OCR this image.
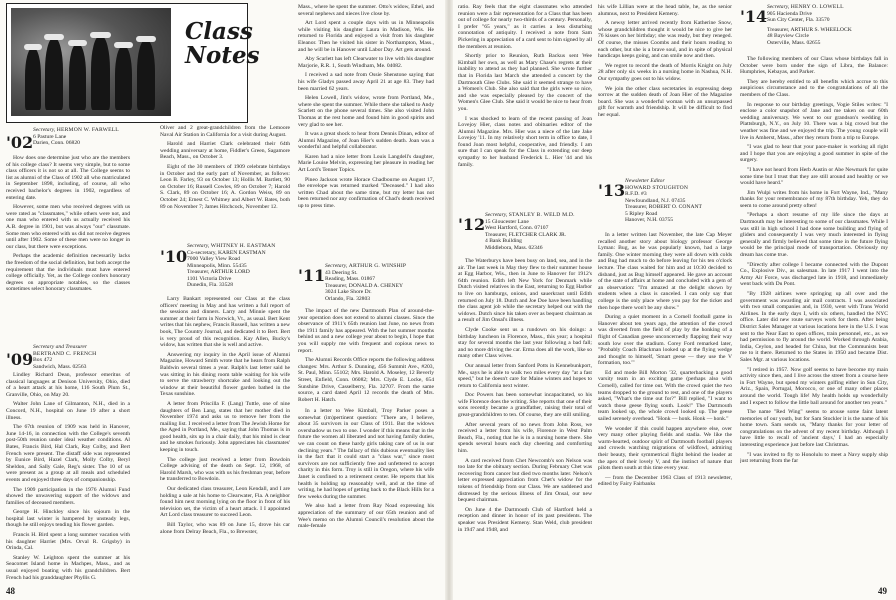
Class
Notes
'02
Secretary, HERMON W. FARWELL
6 Pasture Lane
Darien, Conn. 06820

How does one determine just who are the members of his college class? It seems very simple, but to some class officers it is not so at all. The College seems to list as alumni of the Class of 1902 all who matriculated in September 1898, including, of course, all who received bachelor's degrees in 1902, regardless of entering date.

However, some men who received degrees with us were rated as "classmates," while others were not, and one man who entered with us actually received his A.B. degree in 1901, but was always "our" classmate. Some men who entered with us did not receive degrees until after 1902. Some of these men were no longer in our class, but there were exceptions.

Perhaps the academic definition necessarily lacks the freedom of the social definition, but both accept the requirement that the individuals must have entered college officially. Yet, as the College confers honorary degrees on appropriate notables, so the classes sometimes select honorary classmates.

'09
Secretary and Treasurer
BERTRAND C. FRENCH
Box 472
Sandwich, Mass. 02563

Lindley Richard Dean, professor emeritus of classical languages at Denison University, Ohio, died of a heart attack at his home, 116 South Plum St., Granville, Ohio, on May 20.

Walter John Lane of Gilmanton, N.H., died in a Concord, N.H., hospital on June 19 after a short illness.

The 67th reunion of 1909 was held in Hanover, June 14-16, in connection with the College's seventh post-50th reunion under ideal weather conditions. Al Bates, Francis Bird, Hal Clark, Ray Colby, and Bert French were present. The distaff side was represented by Eunice Bird, Hazel Clark, Molly Colby, Beryl Sheldon, and Sally Gale, Reg's sister. The 10 of us were present as a group at all meals and scheduled events and enjoyed three days of companionship.

The 1909 participation in the 1976 Alumni Fund showed the unwavering support of the widows and families of deceased members.

George H. Hinckley since his sojourn in the hospital last winter is hampered by unsteady legs, though he still enjoys tending his flower garden.

Francis H. Bird spent a long summer vacation with his daughter Harriet (Mrs. Orval R. Grigsby) in Orinda, Cal.

Stanley W. Leighton spent the summer at his Seacomet Island home in Machpes, Mass., and as usual enjoyed boating with his grandchildren. Bert French had his granddaughter Phyllis G.

Oliver and 2 great-grandchildren from the Lemoore Naval Air Station in California for a visit during August.

Harold and Harriet Clark celebrated their 64th wedding anniversary at home, Fiddler's Green, Sagamore Beach, Mass., on October 3.

Eight of the 30 members of 1909 celebrate birthdays in October and the early part of November, as follows: Leon B. Farley, 93 on October 13; Hollis M. Bartlett, 90 on October 16; Russell Cowles, 89 on October 7; Harold S. Clark, 89 on October 16; A. Gordon Weiss, 89 on October 24; Ernest C. Whitney and Albert W. Bates, both 89 on November 7; James Hitchcock, November 12.

'10
Secretary, WHITNEY H. EASTMAN
Co-secretary, KAREN EASTMAN
7000 Valley View Road
Minneapolis, Minn. 55435
Treasurer, ARTHUR LORD
1101 Victoria Drive
Dunedin, Fla. 33528

Larry Bankart represented our Class at the class officers' meeting in May and has written a full report of the sessions and dinners. Larry and Minnie spent the summer at their farm in Norwich, Vt., as usual. Bert Kent writes that his nephew, Francis Russell, has written a new book, The Country Journal, and dedicated it to Bert. Bert is very proud of this recognition. Kay Allen, Bucky's widow, has written that she is well and active.

Answering my inquiry in the April issue of Alumni Magazine, Howard Smith wrote that he hears from Ralph Baldwin several times a year. Ralph's last letter said he was sitting in his dining room table waiting for his wife to serve the strawberry shortcake and looking out the window at their beautiful flower garden bathed in the Texas sunshine.

A letter from Priscilla F. (Lang) Tuttle, one of nine daughters of Ben Lang, states that her mother died in November 1974 and asks us to remove her from the mailing list. I received a letter from The Jewish Home for the Aged in Portland, Me., saying that John Thomas is in good health, sits up in a chair daily, that his mind is clear and he smokes furiously. John appreciates his classmates' keeping in touch.

The college just received a letter from Bowdoin College advising of the death on Sept. 12, 1968, of Harold Marsh, who was with us his freshman year, before he transferred to Bowdoin.

Our dedicated class treasurer, Leon Kendall, and I are holding a sale at his home to Clearwater, Fla. A neighbor found him next morning lying on the floor in front of his television set, the victim of a heart attack. I I appointed Art Lord class treasurer to succeed Leon.

Bill Taylor, who was 89 on June 15, drove his car alone from Delray Beach, Fla., to Brewster,

Mass., where he spent the summer. Otto's widow, Ethel, and several nephews and nieces live close by.

Art Lord spent a couple days with us in Minneapolis while visiting his daughter Laura in Madison, Wis. He returned to Florida and enjoyed a visit from his daughter Eleanor. Then he visited his sister in Northampton, Mass., and he will be in Hanover until Labor Day. Art gets around.

Aby Scarlett has left Clearwater to live with his daughter Marjorie, R.R. 1, South Windham, Me. 04082.

I received a sad note from Ossie Shenstone saying that his wife Gladys passed away April 21 at age 83. They had been married 62 years.

Helen Lowell, Jim's widow, wrote from Portland, Me., where she spent the summer. While there she talked to Andy Scarlett on the phone several times. She also visited John Thomas at the rest home and found him in good spirits and very glad to see her.

It was a great shock to hear from Dennis Dinan, editor of Alumni Magazine, of Joan Hier's sudden death. Joan was a wonderful and helpful collaborator.

Karen had a nice letter from Louis Langdell's daughter, Marie Louise Melvin, expressing her pleasure in reading her Art Lord's Tenner Topics.

Pineo Jackson wrote Horace Chadbourne on August 17, the envelope was returned marked "Deceased." I had also written Chad about the same time, but my letter has not been returned nor any confirmation of Chad's death received up to press time.

'11 Secretary, ARTHUR G. WINSHIP
43 Deering St.
Reading, Mass. 01867
Treasurer, DONALD A. CHENEY
3024 Lake Shore Dr.
Orlando, Fla. 32803

The impact of the new Dartmouth Plan of around-the-year operation does not extend to alumni classes. Since the observance of 1911's 65th reunion last June, no news from the 1911 family has appeared. With the hot summer months behind us and a new college year about to begin, I hope that you will supply me with frequent and copious news to report.

The Alumni Records Office reports the following address changes: Mrs. Arthur S. Dunning, 456 Summit Ave., #203, St. Paul, Minn. 55102; Mrs. Harold A. Moseley, 12 Beverly Street, Enfield, Conn. 06082; Mrs. Clyde E. Locke, 654 Sunshine Drive, Casselberry, Fla. 32707. From the same source, a card dated April 12 records the death of Mrs. Robert H. Hatch.

In a letter to Wee Kimball, Troy Parker poses a somewhat (im)pertinent question: "There are, I believe, about 35 survivors in our Class of 1911. But the widows overshadow us two to one. I wonder if this means that in the future the women all liberated and not having family duties, we can count on these hardy girls taking care of us in our declining years." The fallacy of this dubious eventuality lies in the fact that it could start a "class war," since most survivors are not sufficiently free and unfettered to accept charity in this form. Troy is still in Oregon, where his wife Janet is confined to a retirement center. He reports that his health is holding up reasonably well, and at the time of writing, he had hopes of getting back to the Black Hills for a few weeks during the summer.

We also had a letter from Ray Noad expressing his appreciation of the summary of our 65th reunion and of Wee's memo on the Alumni Council's resolution about the male-female

48

ratio. Ray feels that the eight classmates who attended reunion were a fair representation for a Class that has been out of college for nearly two-thirds of a century. Personally, I prefer "65 years," as it carries a less disturbing connotation of antiquity. I received a note from Sam Pickering in appreciation of a card sent to him signed by all the members at reunion.

Shortly prior to Reunion, Ruth Backus sent Wee Kimball her own, as well as Mary Chase's regrets at their inability to attend as they had planned. She wrote further that in Florida last March she attended a concert by the Dartmouth Glee Clubs. She said it seemed strange to have a Women's Club. She also said that the girls were so nice, and she was especially pleased by the concert of the Women's Glee Club. She said it would be nice to hear from you.

I was shocked to learn of the recent passing of Joan Lovejoy Hier, class notes and obituaries editor of the Alumni Magazine. Mrs. Hier was a niece of the late Jake Lovejoy '11. In my relatively short term in office to date, I found Joan most helpful, cooperative, and friendly. I am sure that I can speak for the Class in extending our deep sympathy to her husband Frederick L. Hier '44 and his family.

'12 Secretary, STANLEY B. WELD M.D.
15 Gloucester Lane
West Hartford, Conn. 07107
Treasurer, FLETCHER CLARK JR.
4 Bank Building
Middlebora, Mass. 02346

The Waterburys have been busy on land, sea, and in the air. The last week in May they flew to their summer house at Egg Harbor, Wis., then in June to Hanover for 1912's 64th reunion. Edith left New York for Denmark while Dutch visited relatives in the East, returning to Egg Harbor to live on hamburgs, onions, and sauerkraut until Edith returned on July 18. Dutch and Joe Doe have been handling the class agent job while the secretary helped out with the widows. Dutch since his taken over as bequest chairman as a result of Jim Onsal's illness.

Clyde Cooke sent us a rundown on his doings: a birthday luncheon in Florence, Mass., this year; a hospital stay for several months the last year following a bad fall; and no more driving the car. Erma does all the work, like so many other Class wives.

Our annual letter from Sanford Potts in Kennebunkport, Me., says he is able to walk two miles every day "at a fast speed," but he doesn't care for Maine winters and hopes to return to California next winter.

Doc Powers has been somewhat incapacitated, so his wife Florence does the writing. She reports that one of their sons recently became a grandfather, raising their total of great-grandchildren to ten. Of course, they are still smiling.

After several years of no news from John Ross, we received a letter from his wife, Florence in West Palm Beach, Fla., noting that he is in a nursing home there. She spends several hours each day cheering and comforting him.

A card received from Chet Newcomb's son Nelson was too late for the obituary section. During February Chet was recovering from cancer but died two months later. Nelson's letter expressed appreciation from Chet's widow for the tokens of friendship from our Class. We are saddened and distressed by the serious illness of Jim Onsal, our new bequest chairman.

On June 4 the Dartmouth Club of Hartford held a reception and dinner in honor of its past presidents. The speaker was President Kemeny. Stan Weld, club president in 1947 and 1948, and

his wife Lillian were at the head table, he, as the senior alumnus, next to President Kemeny.

A newsy letter arrived recently from Katherine Snow, whose grandchildren thought it would be nice to give her 76 kisses on her birthday; she was ready, but they reneged. Of course, the misses Coombs and their hours reading to each other, but she is a brave soul, and in spite of physical handicaps keeps going, and can smile now and then.

We regret to record the death of Morris Knight on July 28 after only six weeks in a nursing home in Nashua, N.H. Our sympathy goes out to his widow.

We join the other class secretaries in expressing deep sorrow at the sudden death of Joan Hier of the Magazine board. She was a wonderful woman with an unsurpassed gift for warmth and friendship. It will be difficult to find her equal.

'13 Newsletter Editor
HOWARD STOUGHTON
R.F.D. #3
Newfoundland, N.J. 07435
Treasurer, ROBERT O. CONANT
5 Ripley Road
Hanover, N.H. 03755

In a letter written last November, the late Cap Meyer recalled another story about biology professor George Lyman: Bug, as he was popularly known, had a large family. One winter morning they were all down with colds and Bug had much to do before leaving for his ten o'clock lecture. The class waited for him and at 10:30 decided to disband, just as Bug himself appeared. He gave an account of the state of affairs at home and concluded with a gem of an observation: "I'm amazed at the delight shown by students when a class is canceled. I can only say that college is the only place where you pay for the ticket and then hope there won't be any show."

During a quiet moment in a Cornell football game in Hanover about ten years ago, the attention of the crowd was diverted from the field of play by the honking of a flight of Canadian geese unconcernedly flapping their way south low over the stadium. Corey Ford remarked later, "Probably Coach Blackman looked up at the flying wedge and thought to himself, 'Smart geese — they use the V formation, too.'"

Ed and mode Bill Morton '32, quarterbacking a good varsity team in an exciting game (perhaps also with Cornell), called for time out. With the crowd quiet the two teams dropped to the ground to rest, and one of the players asked, "What's the time out for?" Bill replied, "I want to watch those geese flying south. Look!" The Dartmouth team looked up, the whole crowd looked up. The geese sailed serenely overhead. "Honk — honk. Honk — honk."

We wonder if this could happen anywhere else, over very many other playing fields and stadia. We like the warm-hearted, outdoor spirit of Dartmouth football players and crowds watching migrations of wildfowl, admiring their beauty, their symmetrical flight behind the leader at the apex of their lovely V, and the instinct of nature that pilots them south at this time every year.

— from the December 1963 Class of 1913 newsletter, edited by Fairy Fairbanks

'14 Secretary, HENRY O. LOWELL
905 Hacienda Drive
Sun City Center, Fla. 33570
Treasurer, ARTHUR S. WHEELOCK
48 Bayview Circle
Osterville, Mass. 02655

The following members of our Class whose birthdays fall in October were born under the sign of Libra, the Balance: Humphries, Kebayas, and Parker.

They are hereby entitled to all benefits which accrue to this auspicious circumstance and to the congratulations of all the members of the Class.

In response to our birthday greetings, Vogie Stiles writes: "I enclose a color snapshot of Jane and me taken on our 60th wedding anniversary. We went to our grandson's wedding in Plattsburgh, N.Y., on July 10. There was a big crowd but the weather was fine and we enjoyed the trip. The young couple will live in Amherst, Mass., after they return from a trip to Europe.

"I was glad to hear that your pace-maker is working all right and I hope that you are enjoying a good summer in spite of the surgery.

"I have not heard from Herb Austin or Abe Newmark for quite some time but I trust that they are still around and healthy or we would have heard."

Jim Wulpi writes from his home in Fort Wayne, Ind., "Many thanks for your remembrance of my 87th birthday. Yeh, they do seem to come around pretty often!

"Perhaps a short resume of my life since the days at Dartmouth may be interesting to some of our classmates. While I was still in high school I had done some building and flying of gliders and consequently I was very much interested in flying generally and firmly believed that some time in the future flying would be the principal mode of transportation. Obviously my dream has come true.

"Directly after college I became connected with the Dupont Co., Explosive Div., as salesman. In late 1917 I went into the Army Air Force, was discharged late in 1918, and immediately went back with Du Pont.

"By 1928 airlines were springing up all over and the government was awarding air mail contracts. I was associated with two small companies and, in 1930, went with Trans World Airlines. In the early days I, with six others, handled the NYC office. Later did new route surveys work for them. After being District Sales Manager at various locations here in the U.S. I was sent to the Near East to open offices, train personnel, etc., as we had permission to fly around the world. Worked through Arabia, India, Ceylon, and headed for China, but the Communists beat me to it there. Returned to the States in 1950 and became Dist. Sales Mgr. at various locations.

"I retired in 1957. Now golf seems to have become my main activity since then, and I live across the street from a course here in Fort Wayne, but spend my winters golfing either in Sun City, Ariz., Spain, Portugal, Morocco, or one of many other places around the world. Tough life! My health holds up wonderfully and I expect to follow the little ball around for another ten years."

The name "Red Wing" seems to arouse some faint latent memories of our youth, but for Sam Stockler it is the name of his home town. Sam sends us, "Many thanks for your letter of congratulations on the advent of my recent birthday. Although I have little to recall of 'ancient days,' I had an especially interesting experience just before last Christmas.

"I was invited to fly to Honolulu to meet a Navy supply ship just returning from the far

49
